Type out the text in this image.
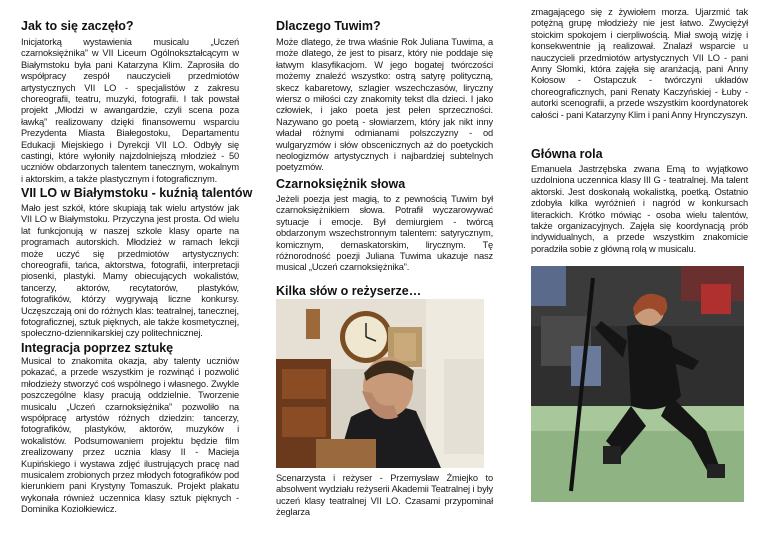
Jak to się zaczęło?

Inicjatorką wystawienia musicalu „Uczeń czarnoksiężnika” w VII Liceum Ogólnokształcącym w Białymstoku była pani Katarzyna Klim. Zaprosiła do współpracy zespół nauczycieli przedmiotów artystycznych VII LO - specjalistów z zakresu choreografii, teatru, muzyki, fotografii. I tak powstał projekt „Młodzi w awangardzie, czyli scena poza ławką” realizowany dzięki finansowemu wsparciu Prezydenta Miasta Białegostoku, Departamentu Edukacji Miejskiego i Dyrekcji VII LO. Odbyły się castingi, które wyłoniły najzdolniejszą młodzież - 50 uczniów obdarzonych talentem tanecznym, wokalnym i aktorskim, a także plastycznym i fotograficznym.

VII LO w Białymstoku - kuźnią talentów

Mało jest szkół, które skupiają tak wielu artystów jak VII LO w Białymstoku. Przyczyna jest prosta. Od wielu lat funkcjonują w naszej szkole klasy oparte na programach autorskich. Młodzież w ramach lekcji może uczyć się przedmiotów artystycznych: choreografii, tańca, aktorstwa, fotografii, interpretacji piosenki, plastyki. Mamy obiecujących wokalistów, tancerzy, aktorów, recytatorów, plastyków, fotografików, którzy wygrywają liczne konkursy. Uczęszczają oni do różnych klas: teatralnej, tanecznej, fotograficznej, sztuk pięknych, ale także kosmetycznej, społeczno-dziennikarskiej czy politechnicznej.

Integracja poprzez sztukę

Musical to znakomita okazja, aby talenty uczniów pokazać, a przede wszystkim je rozwinąć i pozwolić młodzieży stworzyć coś wspólnego i własnego. Zwykle poszczególne klasy pracują oddzielnie. Tworzenie musicalu „Uczeń czarnoksiężnika” pozwoliło na współpracę artystów różnych dziedzin: tancerzy, fotografików, plastyków, aktorów, muzyków i wokalistów. Podsumowaniem projektu będzie film zrealizowany przez ucznia klasy II - Macieja Kupińskiego i wystawa zdjęć ilustrujących pracę nad musicalem zrobionych przez młodych fotografików pod kierunkiem pani Krystyny Tomaszuk. Projekt plakatu wykonała również uczennica klasy sztuk pięknych - Dominika Koziołkiewicz.

Dlaczego Tuwim?

Może dlatego, że trwa właśnie Rok Juliana Tuwima, a może dlatego, że jest to pisarz, który nie poddaje się łatwym klasyfikacjom. W jego bogatej twórczości możemy znaleźć wszystko: ostrą satyrę polityczną, skecz kabaretowy, szlagier wszechczasów, liryczny wiersz o miłości czy znakomity tekst dla dzieci. I jako człowiek, i jako poeta jest pełen sprzeczności. Nazywano go poetą - słowiarzem, który jak nikt inny władał różnymi odmianami polszczyzny - od wulgaryzmów i słów obscenicznych aż do poetyckich neologizmów artystycznych i najbardziej subtelnych poetyzmów.

Czarnoksiężnik słowa

Jeżeli poezja jest magią, to z pewnością Tuwim był czarnoksiężnikiem słowa. Potrafił wyczarowywać sytuacje i emocje. Był demiurgiem - twórcą obdarzonym wszechstronnym talentem: satyrycznym, komicznym, demaskatorskim, lirycznym. Tę różnorodność poezji Juliana Tuwima ukazuje nasz musical „Uczeń czarnoksiężnika”.

Kilka słów o reżyserze…

Scenarzysta i reżyser - Przemysław Żmiejko to absolwent wydziału reżyserii Akademii Teatralnej i były uczeń klasy teatralnej VII LO. Czasami przypominał żeglarza

zmagającego się z żywiołem morza. Ujarzmić tak potężną grupę młodzieży nie jest łatwo. Zwyciężył stoickim spokojem i cierpliwością. Miał swoją wizję i konsekwentnie ją realizował. Znalazł wsparcie u nauczycieli przedmiotów artystycznych VII LO - pani Anny Słomki, która zajęła się aranżacją, pani Anny Kołosow - Ostapczuk - twórczyni układów choreograficznych, pani Renaty Kaczyńskiej - Łuby - autorki scenografii, a przede wszystkim koordynatorek całości - pani Katarzyny Klim i pani Anny Hrynczyszyn.

Główna rola

Emanuela Jastrzębska zwana Emą to wyjątkowo uzdolniona uczennica klasy III G - teatralnej. Ma talent aktorski. Jest doskonałą wokalistką, poetką. Ostatnio zdobyła kilka wyróżnień i nagród w konkursach literackich. Krótko mówiąc - osoba wielu talentów, także organizacyjnych. Zajęła się koordynacją prób indywidualnych, a przede wszystkim znakomicie poradziła sobie z główną rolą w musicalu.
